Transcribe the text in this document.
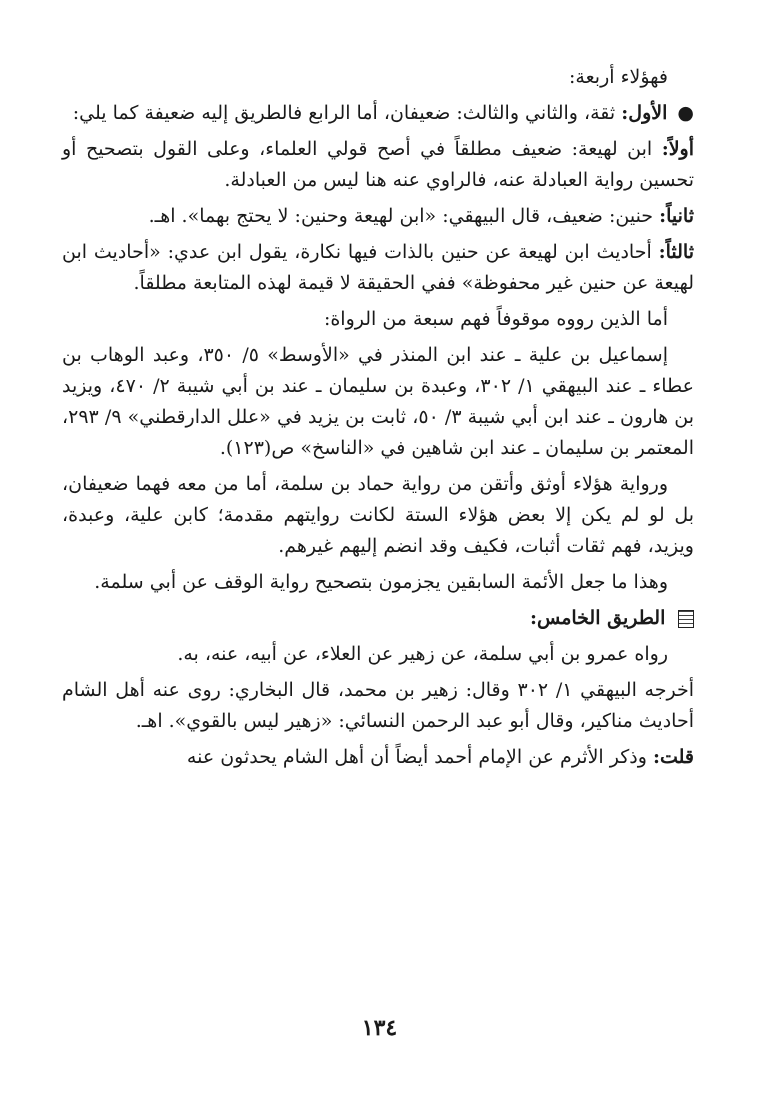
فهؤلاء أربعة:

● الأول: ثقة، والثاني والثالث: ضعيفان، أما الرابع فالطريق إليه ضعيفة كما يلي:

أولاً: ابن لهيعة: ضعيف مطلقاً في أصح قولي العلماء، وعلى القول بتصحيح أو تحسين رواية العبادلة عنه، فالراوي عنه هنا ليس من العبادلة.

ثانياً: حنين: ضعيف، قال البيهقي: «ابن لهيعة وحنين: لا يحتج بهما». اهـ.

ثالثاً: أحاديث ابن لهيعة عن حنين بالذات فيها نكارة، يقول ابن عدي: «أحاديث ابن لهيعة عن حنين غير محفوظة» ففي الحقيقة لا قيمة لهذه المتابعة مطلقاً.

أما الذين رووه موقوفاً فهم سبعة من الرواة:

إسماعيل بن علية ـ عند ابن المنذر في «الأوسط» ٥/ ٣٥٠، وعبد الوهاب بن عطاء ـ عند البيهقي ١/ ٣٠٢، وعبدة بن سليمان ـ عند بن أبي شيبة ٢/ ٤٧٠، ويزيد بن هارون ـ عند ابن أبي شيبة ٣/ ٥٠، ثابت بن يزيد في «علل الدارقطني» ٩/ ٢٩٣، المعتمر بن سليمان ـ عند ابن شاهين في «الناسخ» ص(١٢٣).

ورواية هؤلاء أوثق وأتقن من رواية حماد بن سلمة، أما من معه فهما ضعيفان، بل لو لم يكن إلا بعض هؤلاء الستة لكانت روايتهم مقدمة؛ كابن علية، وعبدة، ويزيد، فهم ثقات أثبات، فكيف وقد انضم إليهم غيرهم.

وهذا ما جعل الأئمة السابقين يجزمون بتصحيح رواية الوقف عن أبي سلمة.

الطريق الخامس:

رواه عمرو بن أبي سلمة، عن زهير عن العلاء، عن أبيه، عنه، به.

أخرجه البيهقي ١/ ٣٠٢ وقال: زهير بن محمد، قال البخاري: روى عنه أهل الشام أحاديث مناكير، وقال أبو عبد الرحمن النسائي: «زهير ليس بالقوي». اهـ.

قلت: وذكر الأثرم عن الإمام أحمد أيضاً أن أهل الشام يحدثون عنه

١٣٤
